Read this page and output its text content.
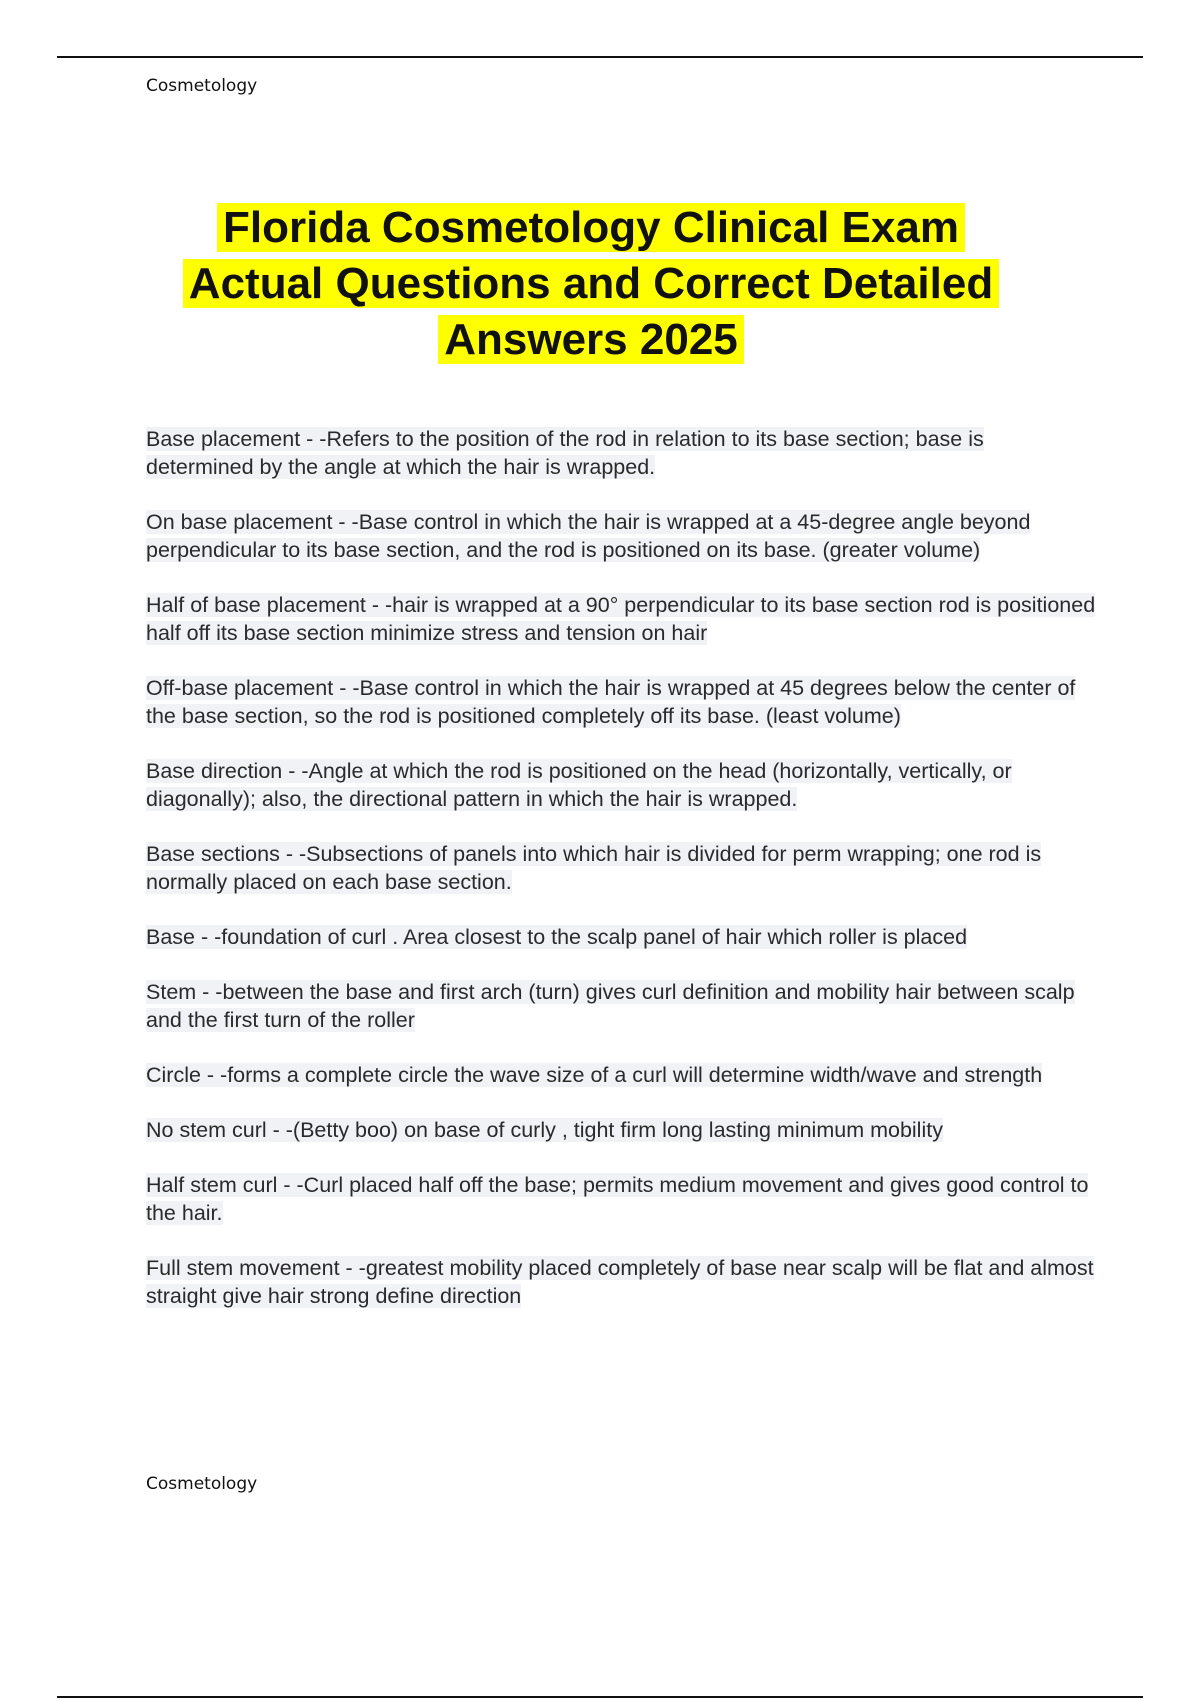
Cosmetology
Florida Cosmetology Clinical Exam
Actual Questions and Correct Detailed
Answers 2025
Base placement - -Refers to the position of the rod in relation to its base section; base is determined by the angle at which the hair is wrapped.
On base placement - -Base control in which the hair is wrapped at a 45-degree angle beyond perpendicular to its base section, and the rod is positioned on its base. (greater volume)
Half of base placement - -hair is wrapped at a 90° perpendicular to its base section rod is positioned half off its base section minimize stress and tension on hair
Off-base placement - -Base control in which the hair is wrapped at 45 degrees below the center of the base section, so the rod is positioned completely off its base. (least volume)
Base direction - -Angle at which the rod is positioned on the head (horizontally, vertically, or diagonally); also, the directional pattern in which the hair is wrapped.
Base sections - -Subsections of panels into which hair is divided for perm wrapping; one rod is normally placed on each base section.
Base - -foundation of curl . Area closest to the scalp panel of hair which roller is placed
Stem - -between the base and first arch (turn) gives curl definition and mobility hair between scalp and the first turn of the roller
Circle - -forms a complete circle the wave size of a curl will determine width/wave and strength
No stem curl - -(Betty boo) on base of curly , tight firm long lasting minimum mobility
Half stem curl - -Curl placed half off the base; permits medium movement and gives good control to the hair.
Full stem movement - -greatest mobility placed completely of base near scalp will be flat and almost straight give hair strong define direction
Cosmetology
